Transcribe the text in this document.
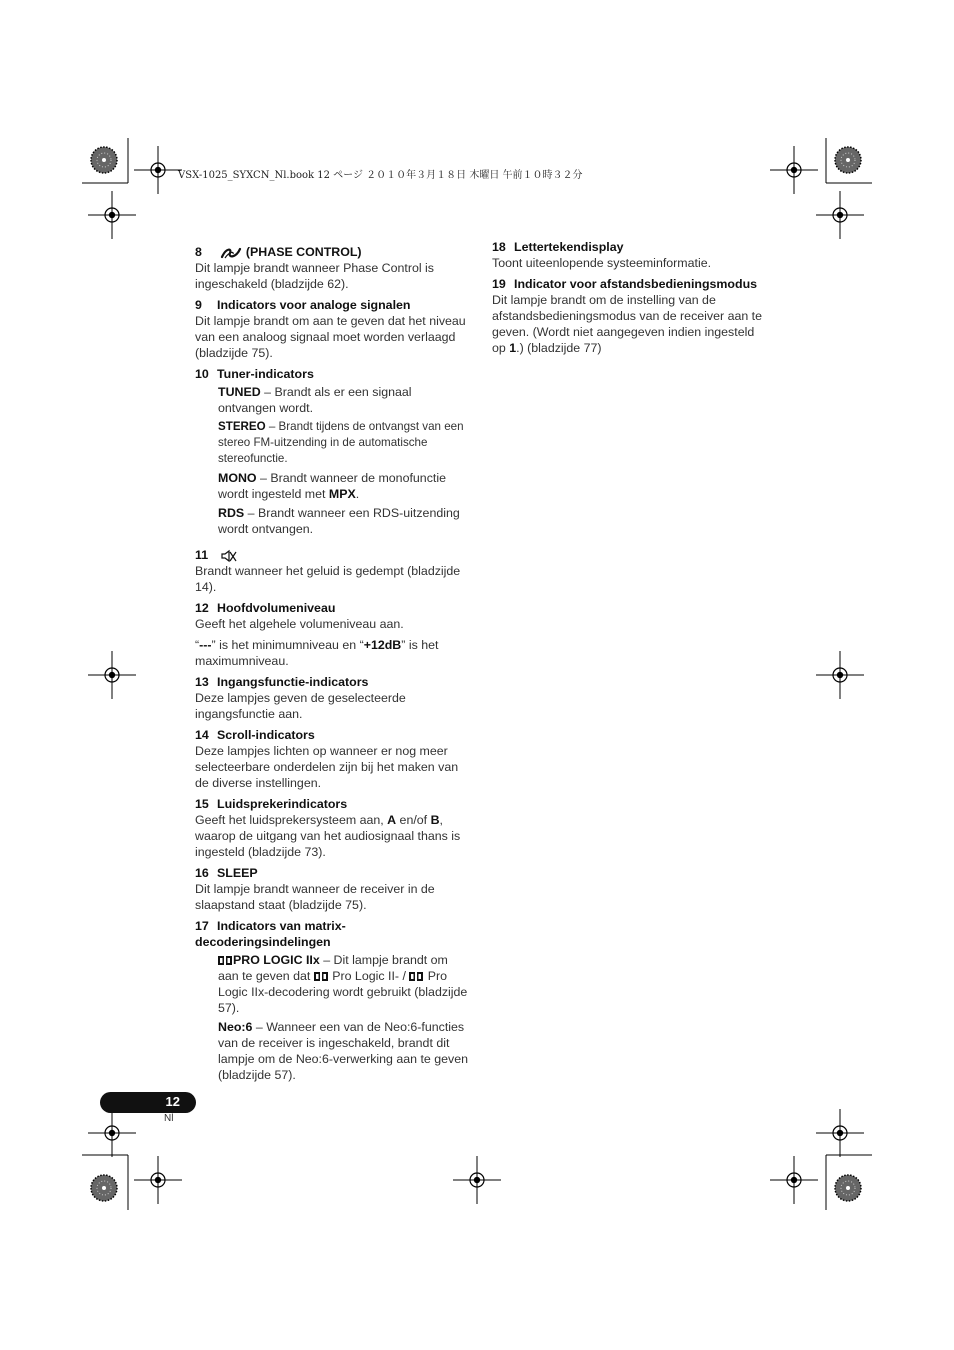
VSX-1025_SYXCN_Nl.book 12 ページ ２０１０年３月１８日 木曜日 午前１０時３２分
8	(PHASE CONTROL)
Dit lampje brandt wanneer Phase Control is ingeschakeld (bladzijde 62).
9 Indicators voor analoge signalen
Dit lampje brandt om aan te geven dat het niveau van een analoog signaal moet worden verlaagd (bladzijde 75).
10 Tuner-indicators
TUNED – Brandt als er een signaal ontvangen wordt.
STEREO – Brandt tijdens de ontvangst van een stereo FM-uitzending in de automatische stereofunctie.
MONO – Brandt wanneer de monofunctie wordt ingesteld met MPX.
RDS – Brandt wanneer een RDS-uitzending wordt ontvangen.
11
Brandt wanneer het geluid is gedempt (bladzijde 14).
12 Hoofdvolumeniveau
Geeft het algehele volumeniveau aan.
“---” is het minimumniveau en “+12dB” is het maximumniveau.
13 Ingangsfunctie-indicators
Deze lampjes geven de geselecteerde ingangsfunctie aan.
14 Scroll-indicators
Deze lampjes lichten op wanneer er nog meer selecteerbare onderdelen zijn bij het maken van de diverse instellingen.
15 Luidsprekerindicators
Geeft het luidsprekersysteem aan, A en/of B, waarop de uitgang van het audiosignaal thans is ingesteld (bladzijde 73).
16 SLEEP
Dit lampje brandt wanneer de receiver in de slaapstand staat (bladzijde 75).
17 Indicators van matrix-decoderingsindelingen
PRO LOGIC IIx – Dit lampje brandt om aan te geven dat  Pro Logic II- /  Pro Logic IIx-decodering wordt gebruikt (bladzijde 57).
Neo:6 – Wanneer een van de Neo:6-functies van de receiver is ingeschakeld, brandt dit lampje om de Neo:6-verwerking aan te geven (bladzijde 57).
18 Lettertekendisplay
Toont uiteenlopende systeeminformatie.
19 Indicator voor afstandsbedieningsmodus
Dit lampje brandt om de instelling van de afstandsbedieningsmodus van de receiver aan te geven. (Wordt niet aangegeven indien ingesteld op 1.) (bladzijde 77)
12
Nl
